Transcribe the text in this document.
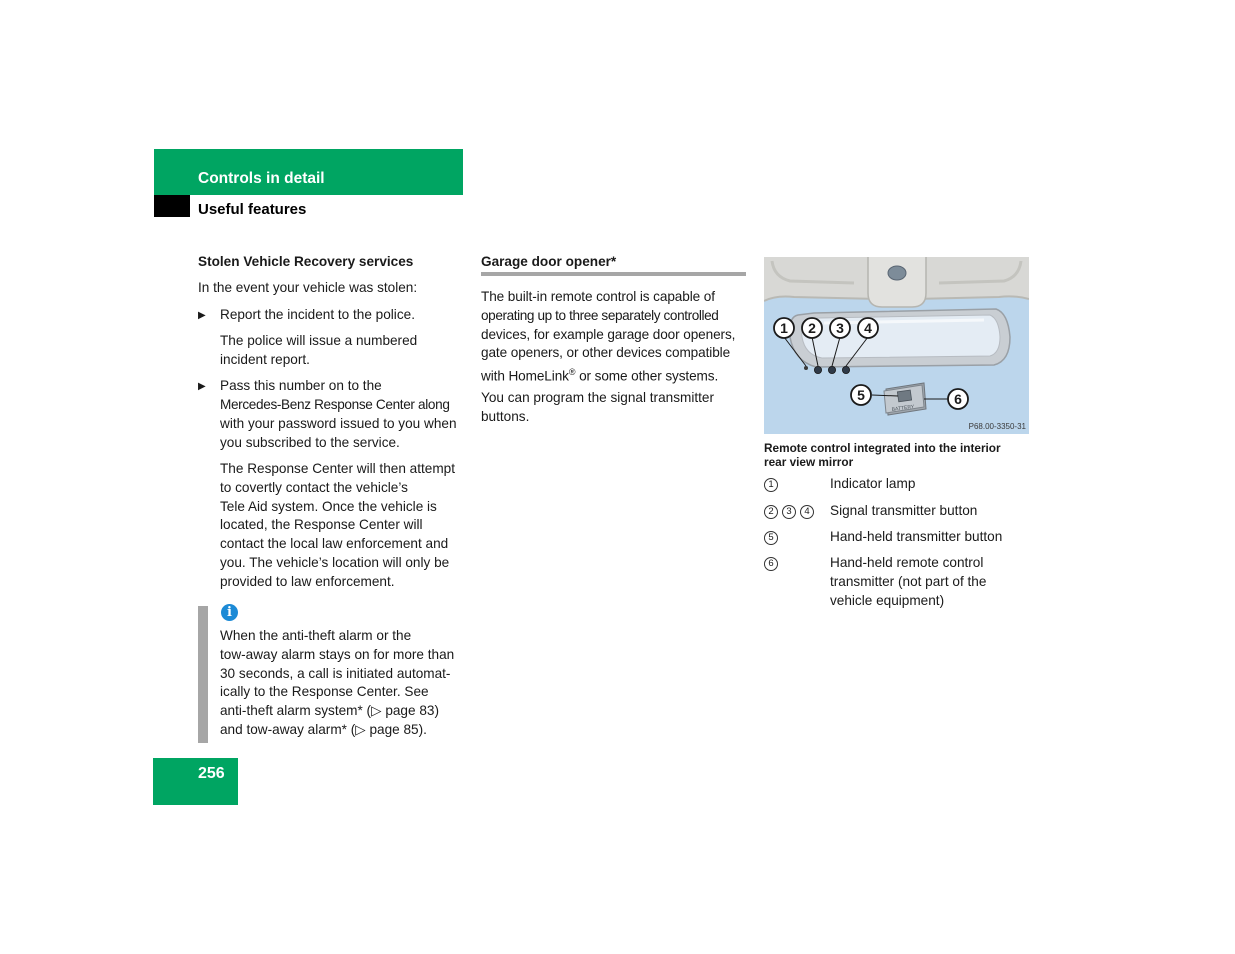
Controls in detail
Useful features
Stolen Vehicle Recovery services
In the event your vehicle was stolen:
▶ Report the incident to the police.
The police will issue a numbered
incident report.
▶ Pass this number on to the
Mercedes-Benz Response Center along
with your password issued to you when
you subscribed to the service.
The Response Center will then attempt
to covertly contact the vehicle’s
Tele Aid system. Once the vehicle is
located, the Response Center will
contact the local law enforcement and
you. The vehicle’s location will only be
provided to law enforcement.
i
When the anti-theft alarm or the
tow-away alarm stays on for more than
30 seconds, a call is initiated automat-
ically to the Response Center. See
anti-theft alarm system* (▷ page 83)
and tow-away alarm* (▷ page 85).
256
Garage door opener*
The built-in remote control is capable of
operating up to three separately controlled
devices, for example garage door openers,
gate openers, or other devices compatible
with HomeLink® or some other systems.
You can program the signal transmitter
buttons.
1 2 3 4
BATTERY
5	6
P68.00-3350-31
Remote control integrated into the interior
rear view mirror
1	Indicator lamp
2 3 4	Signal transmitter button
5	Hand-held transmitter button
6	Hand-held remote control
transmitter (not part of the
vehicle equipment)
